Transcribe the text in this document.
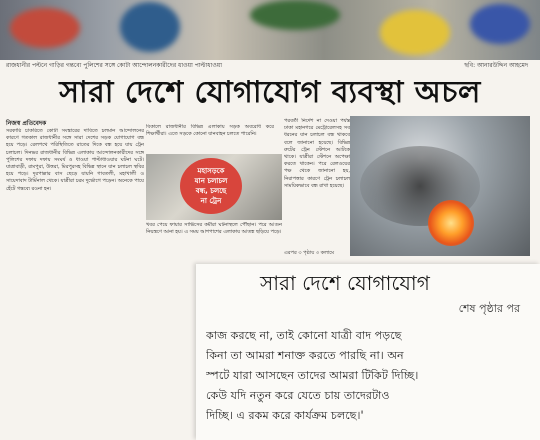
রাজধানীর পল্টনে গাড়ির গন্তব্যে পুলিশের সঙ্গে কোটা আন্দোলনকারীদের ধাওয়া পাল্টাধাওয়া	ছবি: আনারউদ্দিন আহমেদ
সারা দেশে যোগাযোগ ব্যবস্থা অচল
নিজস্ব প্রতিবেদক
সরকারি চাকরিতে কোটা সংস্কারের দাবিতে চলমান আন্দোলনের কারণে গতকাল রাজধানীর সঙ্গে সারা দেশের সড়ক যোগাযোগ বন্ধ হয়ে পড়ে। রেলপথে পরিস্থিতিতে রাতের দিকে বন্ধ হয়ে যায় ট্রেন চলাচল। দিনভর রাজধানীর বিভিন্ন এলাকায় আন্দোলনকারীদের সঙ্গে পুলিশের দফায় দফায় সংঘর্ষ ও ধাওয়া পাল্টাধাওয়ার ঘটনা ঘটে। যাত্রাবাড়ী, রামপুরা, উত্তরা, মিরপুরসহ বিভিন্ন স্থানে যান চলাচল স্থবির হয়ে পড়ে। দূরপাল্লার বাস ছেড়ে যায়নি গাবতলী, মহাখালী ও সায়েদাবাদ টার্মিনাল থেকে। যাত্রীরা চরম দুর্ভোগে পড়েন। অনেকে পায়ে হেঁটে গন্তব্যে রওনা হন।
বিকালে রাজধানীর বিভিন্ন এলাকায় সড়ক অবরোধ করে শিক্ষার্থীরা। এতে সড়কে কোনো যানবাহন চলতে পারেনি।
মহাসড়কে
যান চলাচল
বন্ধ, চলছে
না ট্রেন
খবর পেয়ে ফায়ার সার্ভিসের কর্মীরা ঘটনাস্থলে পৌঁছান। পরে আগুন নিয়ন্ত্রণে আনা হয়। এ সময় আশপাশের এলাকায় আতঙ্ক ছড়িয়ে পড়ে।
পরবর্তী নির্দেশ না দেওয়া পর্যন্ত ঢাকা মহানগরে মেট্রোরেলসহ সব ধরনের যান চলাচল বন্ধ থাকবে বলে জানানো হয়েছে। বিভিন্ন রুটের ট্রেন স্টেশনে আটকে থাকে। যাত্রীরা স্টেশনে অপেক্ষা করতে থাকেন। পরে রেলওয়ের পক্ষ থেকে জানানো হয়, নিরাপত্তার কারণে ট্রেন চলাচল সাময়িকভাবে বন্ধ রাখা হয়েছে।
এরপর ৩ পৃষ্ঠায় ৩ কলামে
সারা দেশে যোগাযোগ
শেষ পৃষ্ঠার পর
কাজ করছে না, তাই কোনো যাত্রী বাদ পড়ছে
কিনা তা আমরা শনাক্ত করতে পারছি না। অন
স্পটে যারা আসছেন তাদের আমরা টিকিট দিচ্ছি।
কেউ যদি নতুন করে যেতে চায় তাদেরটাও
দিচ্ছি। এ রকম করে কার্যক্রম চলছে।'
